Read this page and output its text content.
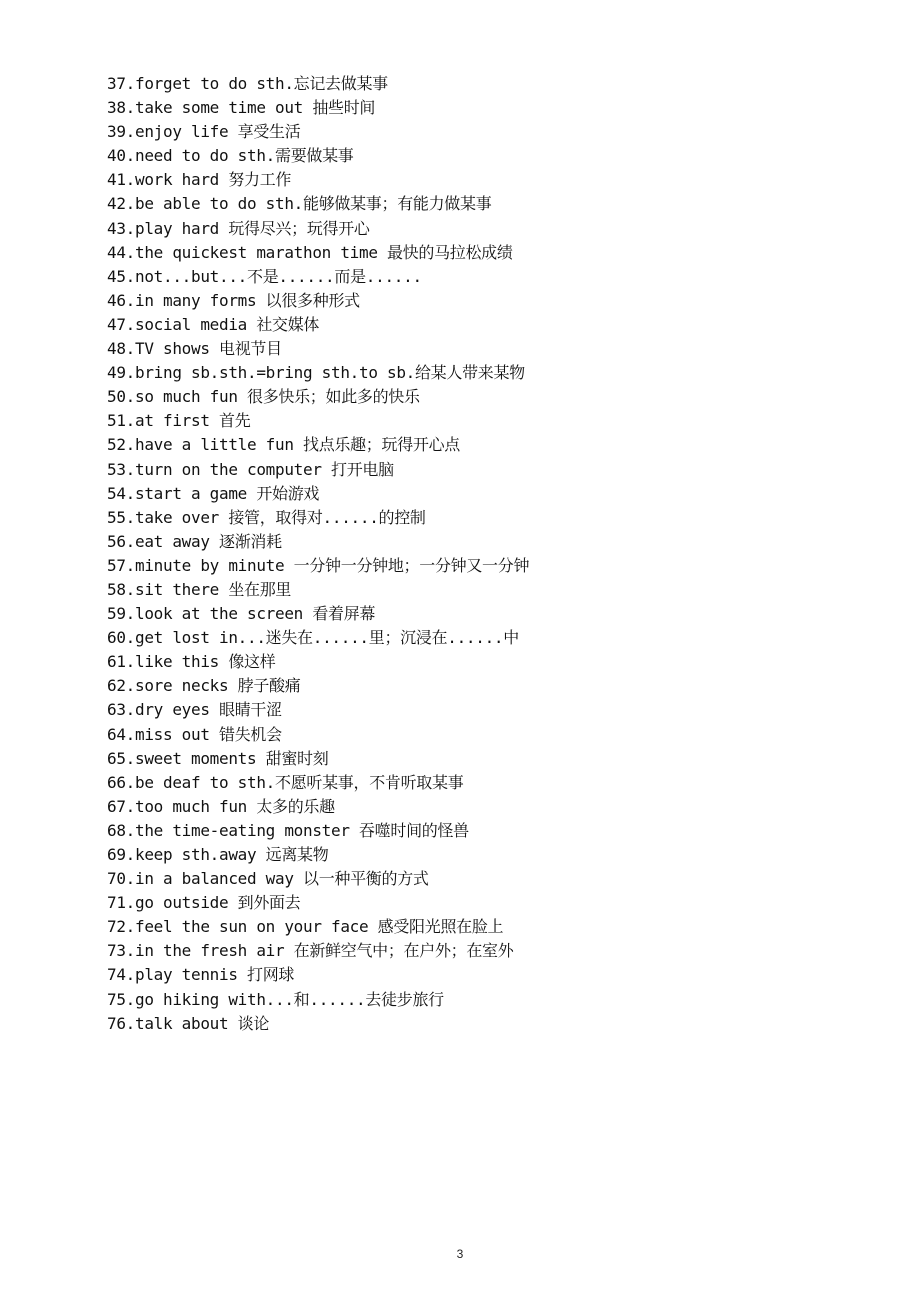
37.forget to do sth.忘记去做某事
38.take some time out 抽些时间
39.enjoy life 享受生活
40.need to do sth.需要做某事
41.work hard 努力工作
42.be able to do sth.能够做某事；有能力做某事
43.play hard 玩得尽兴；玩得开心
44.the quickest marathon time 最快的马拉松成绩
45.not...but...不是......而是......
46.in many forms 以很多种形式
47.social media 社交媒体
48.TV shows 电视节目
49.bring sb.sth.=bring sth.to sb.给某人带来某物
50.so much fun 很多快乐；如此多的快乐
51.at first 首先
52.have a little fun 找点乐趣；玩得开心点
53.turn on the computer 打开电脑
54.start a game 开始游戏
55.take over 接管，取得对......的控制
56.eat away 逐渐消耗
57.minute by minute 一分钟一分钟地；一分钟又一分钟
58.sit there 坐在那里
59.look at the screen 看着屏幕
60.get lost in...迷失在......里；沉浸在......中
61.like this 像这样
62.sore necks 脖子酸痛
63.dry eyes 眼睛干涩
64.miss out 错失机会
65.sweet moments 甜蜜时刻
66.be deaf to sth.不愿听某事，不肯听取某事
67.too much fun 太多的乐趣
68.the time-eating monster 吞噬时间的怪兽
69.keep sth.away 远离某物
70.in a balanced way 以一种平衡的方式
71.go outside 到外面去
72.feel the sun on your face 感受阳光照在脸上
73.in the fresh air 在新鲜空气中；在户外；在室外
74.play tennis 打网球
75.go hiking with...和......去徒步旅行
76.talk about 谈论
3
